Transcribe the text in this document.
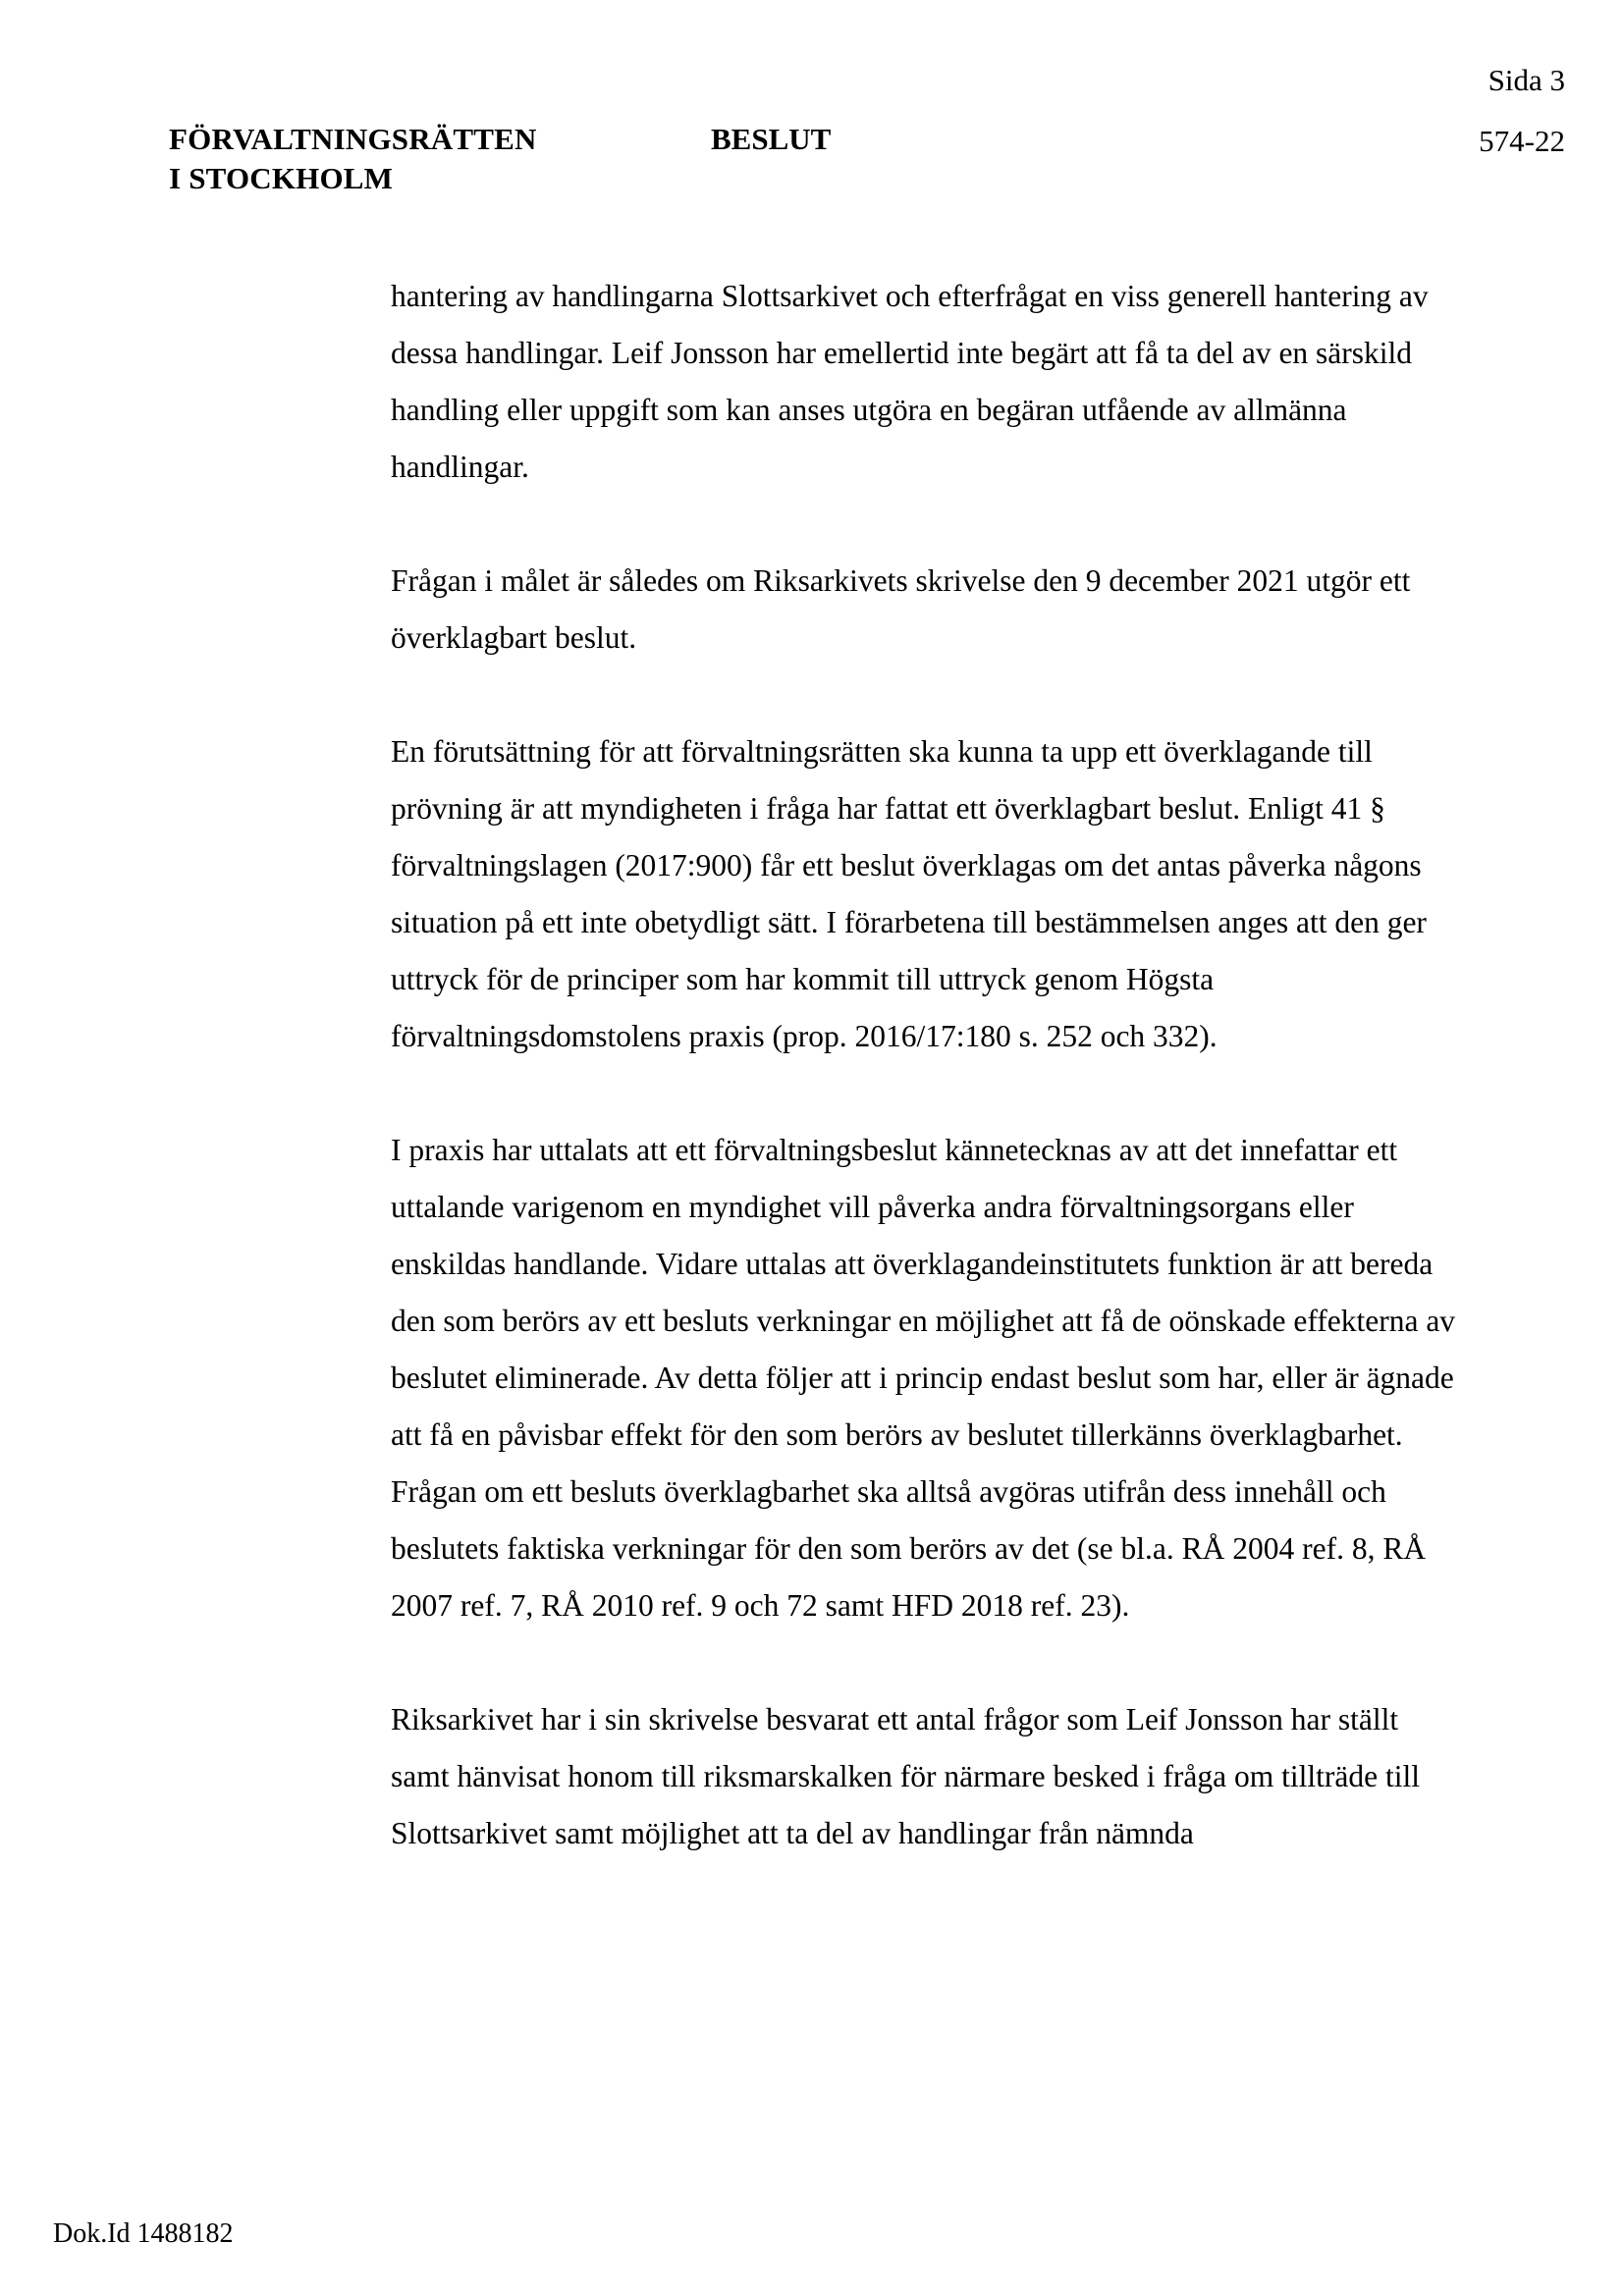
Sida 3
FÖRVALTNINGSRÄTTEN
I STOCKHOLM
BESLUT	574-22

hantering av handlingarna Slottsarkivet och efterfrågat en viss generell hantering av dessa handlingar. Leif Jonsson har emellertid inte begärt att få ta del av en särskild handling eller uppgift som kan anses utgöra en begäran utfående av allmänna handlingar.

Frågan i målet är således om Riksarkivets skrivelse den 9 december 2021 utgör ett överklagbart beslut.

En förutsättning för att förvaltningsrätten ska kunna ta upp ett överklagande till prövning är att myndigheten i fråga har fattat ett överklagbart beslut. Enligt 41 § förvaltningslagen (2017:900) får ett beslut överklagas om det antas påverka någons situation på ett inte obetydligt sätt. I förarbetena till bestämmelsen anges att den ger uttryck för de principer som har kommit till uttryck genom Högsta förvaltningsdomstolens praxis (prop. 2016/17:180 s. 252 och 332).

I praxis har uttalats att ett förvaltningsbeslut kännetecknas av att det innefattar ett uttalande varigenom en myndighet vill påverka andra förvaltningsorgans eller enskildas handlande. Vidare uttalas att överklagandeinstitutets funktion är att bereda den som berörs av ett besluts verkningar en möjlighet att få de oönskade effekterna av beslutet eliminerade. Av detta följer att i princip endast beslut som har, eller är ägnade att få en påvisbar effekt för den som berörs av beslutet tillerkänns överklagbarhet. Frågan om ett besluts överklagbarhet ska alltså avgöras utifrån dess innehåll och beslutets faktiska verkningar för den som berörs av det (se bl.a. RÅ 2004 ref. 8, RÅ 2007 ref. 7, RÅ 2010 ref. 9 och 72 samt HFD 2018 ref. 23).

Riksarkivet har i sin skrivelse besvarat ett antal frågor som Leif Jonsson har ställt samt hänvisat honom till riksmarskalken för närmare besked i fråga om tillträde till Slottsarkivet samt möjlighet att ta del av handlingar från nämnda

Dok.Id 1488182
